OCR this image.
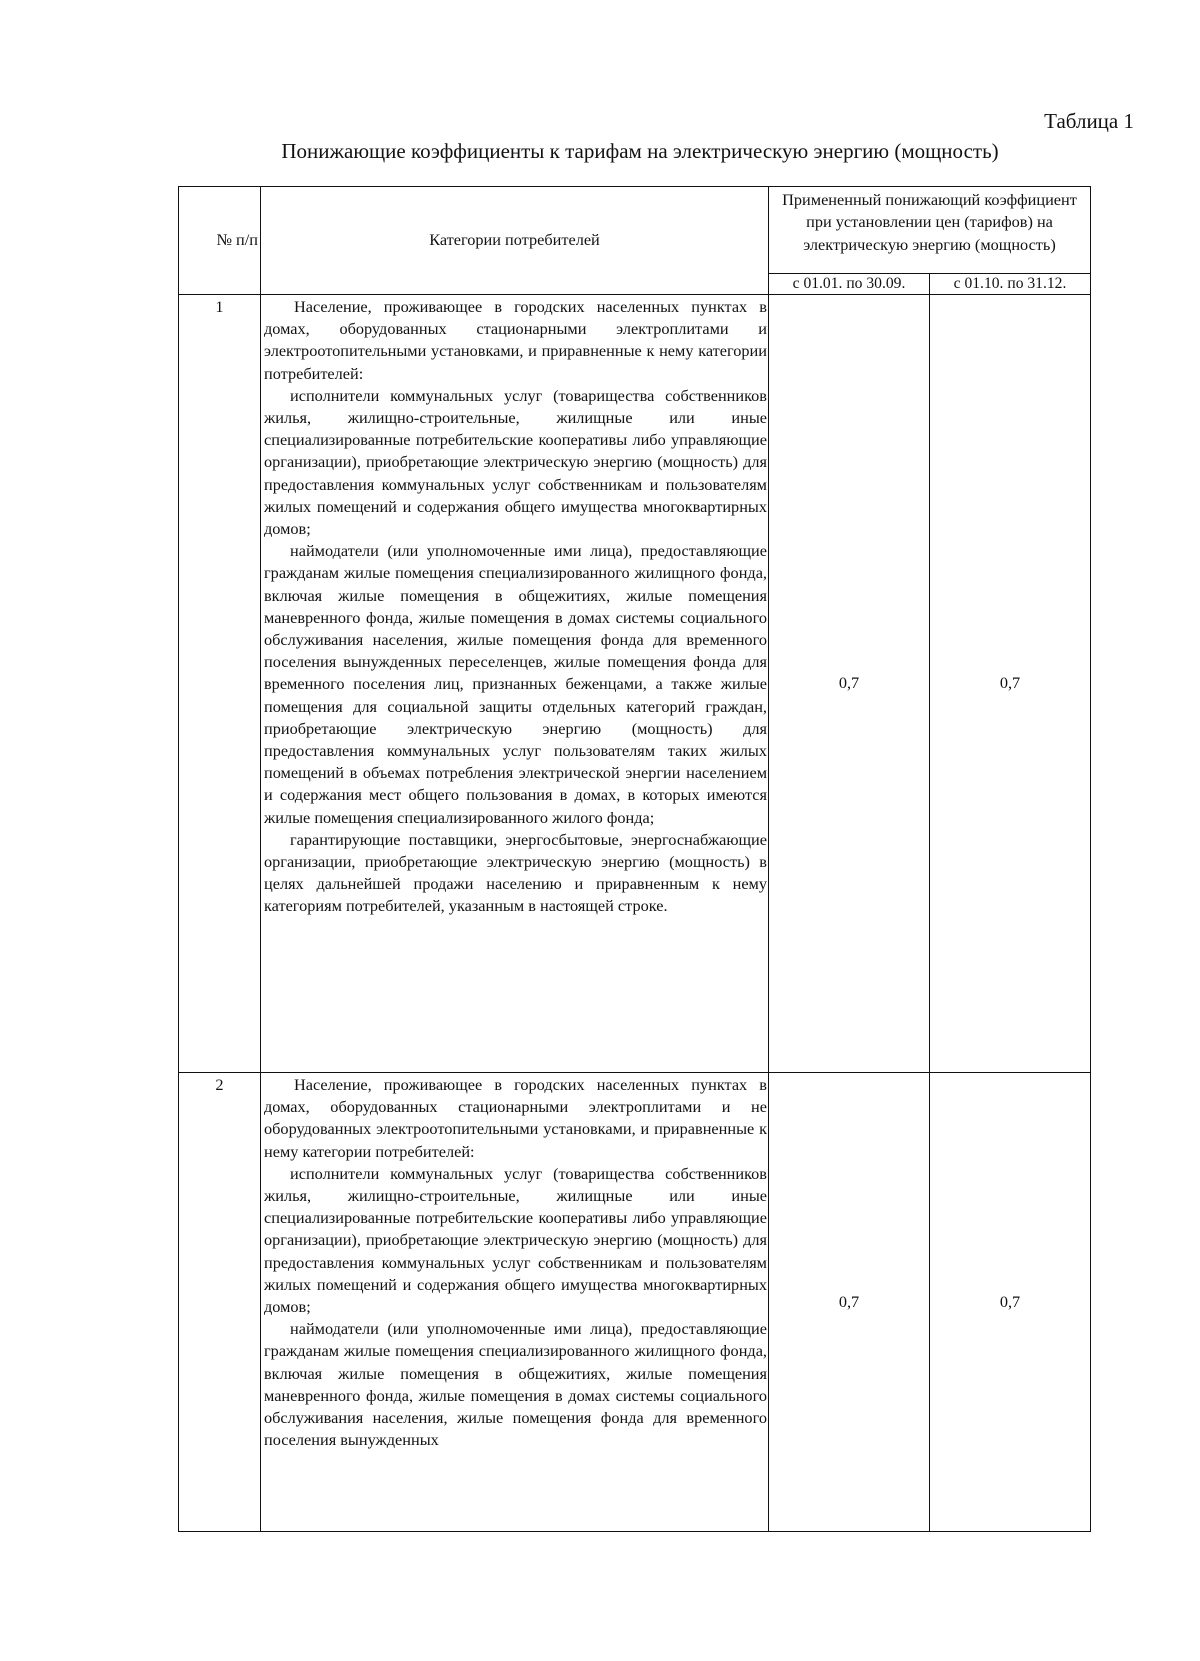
Таблица 1
Понижающие коэффициенты к тарифам на электрическую энергию (мощность)
№ п/п	Категории потребителей	Примененный понижающий коэффициент при установлении цен (тарифов) на электрическую энергию (мощность)	
		с 01.01. по 30.09.	с 01.10. по 31.12.
1	Население, проживающее в городских населенных пунктах в домах, оборудованных стационарными электроплитами и электроотопительными установками, и приравненные к нему категории потребителей:

исполнители коммунальных услуг (товарищества собственников жилья, жилищно-строительные, жилищные или иные специализированные потребительские кооперативы либо управляющие организации), приобретающие электрическую энергию (мощность) для предоставления коммунальных услуг собственникам и пользователям жилых помещений и содержания общего имущества многоквартирных домов;

наймодатели (или уполномоченные ими лица), предоставляющие гражданам жилые помещения специализированного жилищного фонда, включая жилые помещения в общежитиях, жилые помещения маневренного фонда, жилые помещения в домах системы социального обслуживания населения, жилые помещения фонда для временного поселения вынужденных переселенцев, жилые помещения фонда для временного поселения лиц, признанных беженцами, а также жилые помещения для социальной защиты отдельных категорий граждан, приобретающие электрическую энергию (мощность) для предоставления коммунальных услуг пользователям таких жилых помещений в объемах потребления электрической энергии населением и содержания мест общего пользования в домах, в которых имеются жилые помещения специализированного жилого фонда;

гарантирующие поставщики, энергосбытовые, энергоснабжающие организации, приобретающие электрическую энергию (мощность) в целях дальнейшей продажи населению и приравненным к нему категориям потребителей, указанным в настоящей строке.	0,7	0,7
2	Население, проживающее в городских населенных пунктах в домах, оборудованных стационарными электроплитами и не оборудованных электроотопительными установками, и приравненные к нему категории потребителей:

исполнители коммунальных услуг (товарищества собственников жилья, жилищно-строительные, жилищные или иные специализированные потребительские кооперативы либо управляющие организации), приобретающие электрическую энергию (мощность) для предоставления коммунальных услуг собственникам и пользователям жилых помещений и содержания общего имущества многоквартирных домов;

наймодатели (или уполномоченные ими лица), предоставляющие гражданам жилые помещения специализированного жилищного фонда, включая жилые помещения в общежитиях, жилые помещения маневренного фонда, жилые помещения в домах системы социального обслуживания населения, жилые помещения фонда для временного поселения вынужденных	0,7	0,7
